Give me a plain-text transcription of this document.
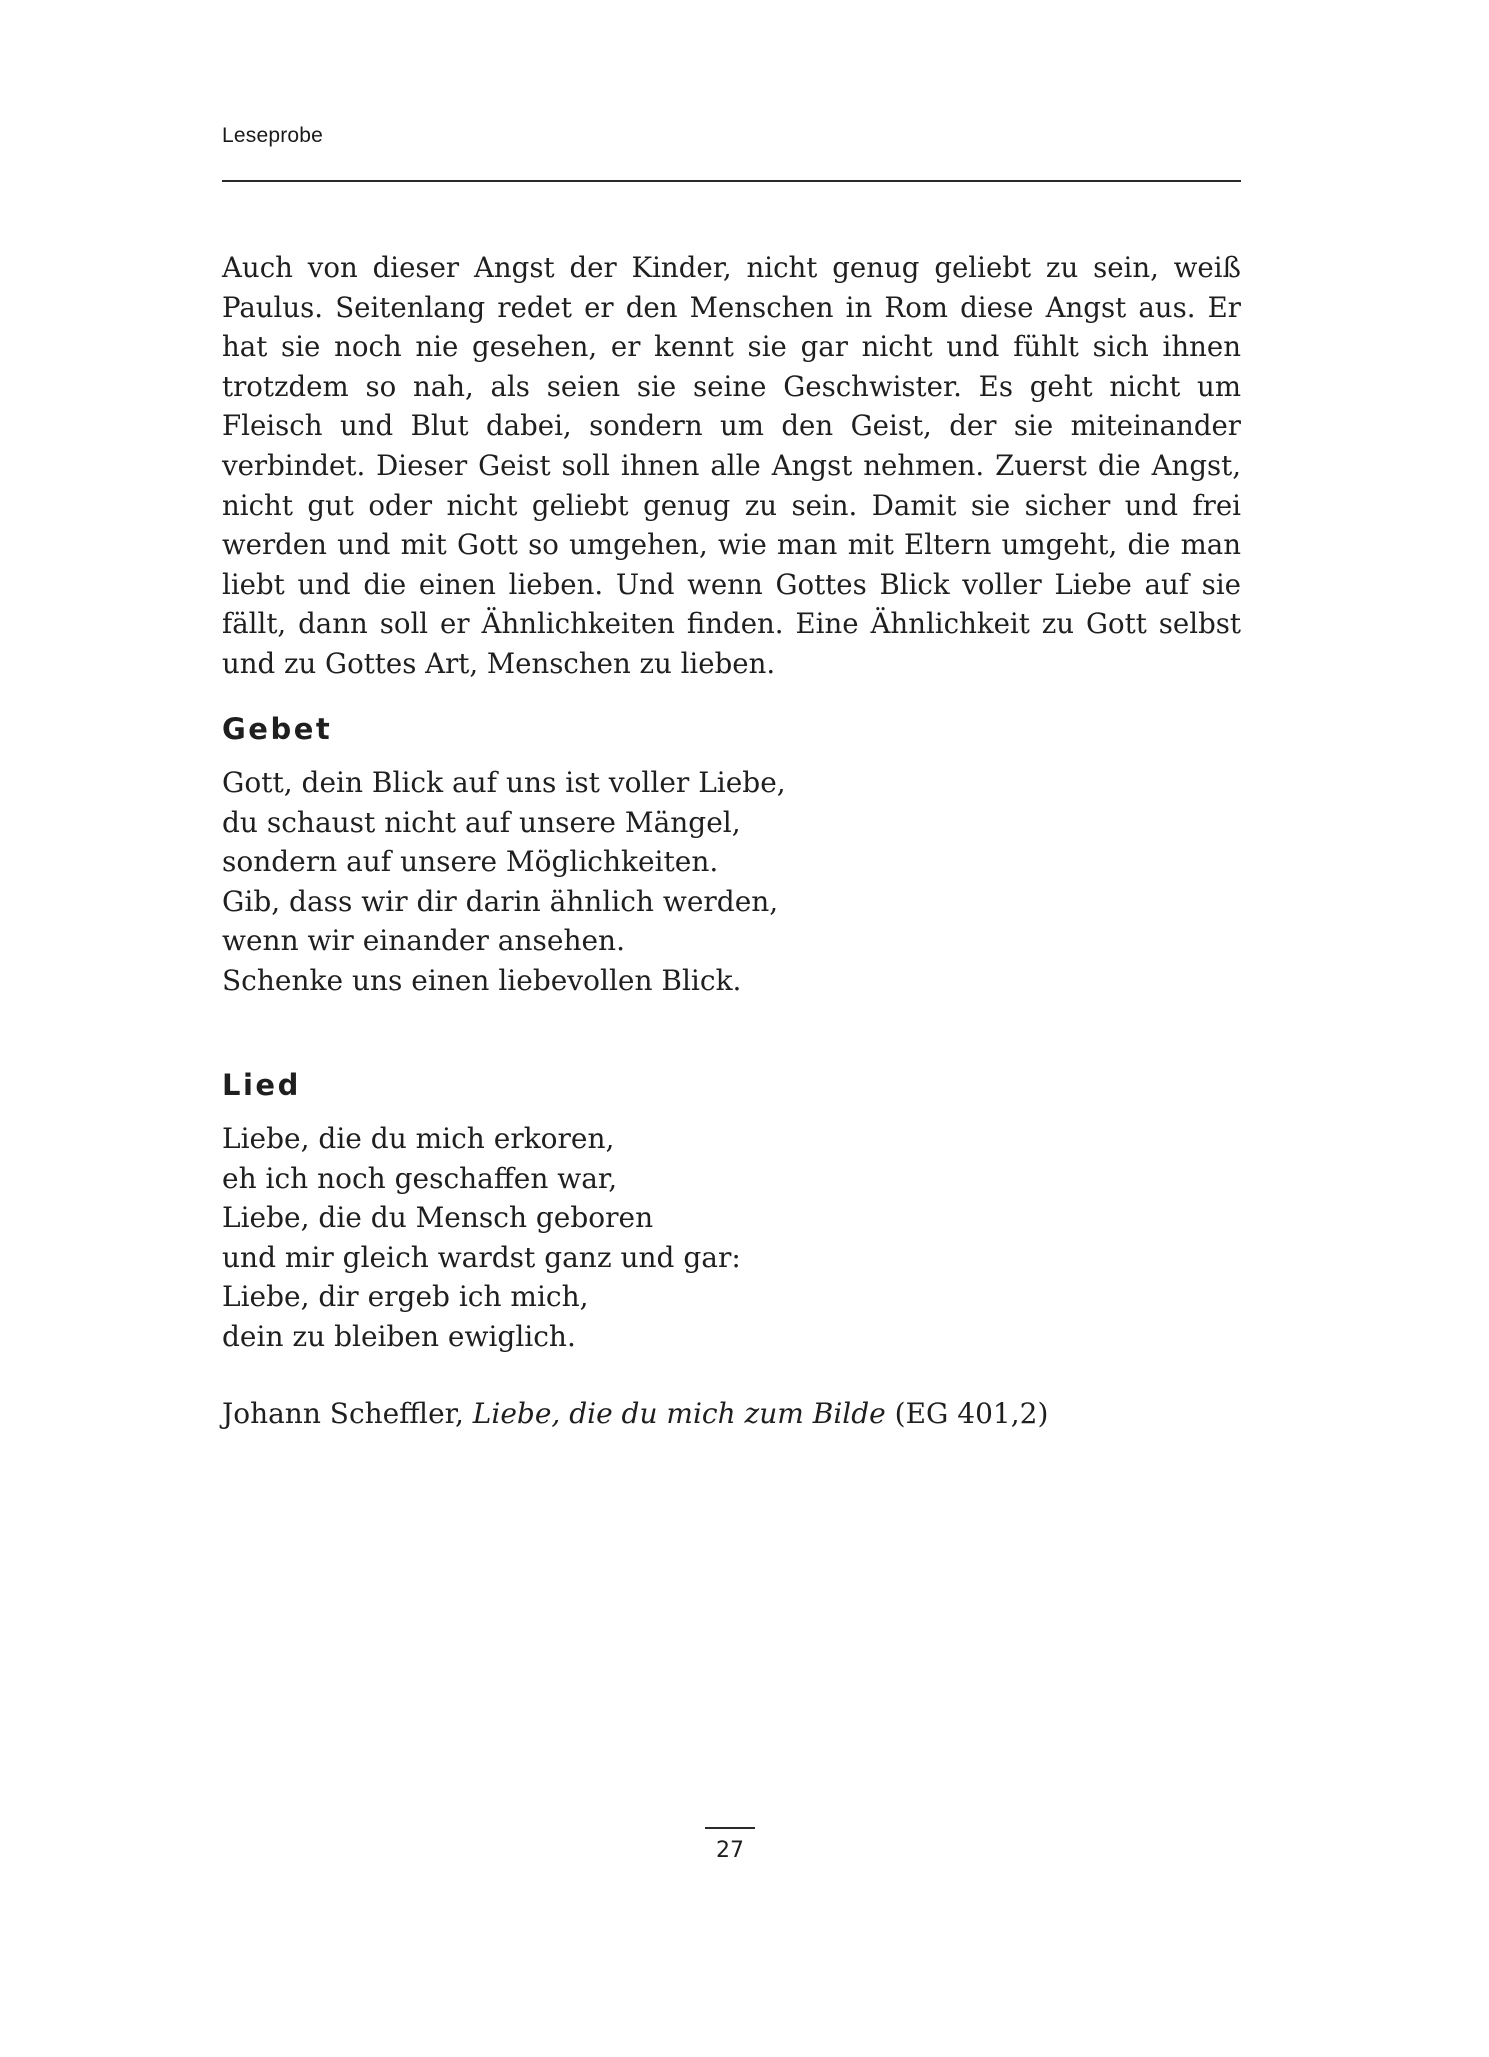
Leseprobe
Auch von dieser Angst der Kinder, nicht genug geliebt zu sein, weiß Paulus. Seitenlang redet er den Menschen in Rom diese Angst aus. Er hat sie noch nie gesehen, er kennt sie gar nicht und fühlt sich ihnen trotzdem so nah, als seien sie seine Geschwister. Es geht nicht um Fleisch und Blut dabei, sondern um den Geist, der sie miteinander verbindet. Dieser Geist soll ihnen alle Angst nehmen. Zuerst die Angst, nicht gut oder nicht geliebt genug zu sein. Damit sie sicher und frei werden und mit Gott so umgehen, wie man mit Eltern umgeht, die man liebt und die einen lieben. Und wenn Gottes Blick voller Liebe auf sie fällt, dann soll er Ähnlichkeiten finden. Eine Ähnlichkeit zu Gott selbst und zu Gottes Art, Menschen zu lieben.
Gebet
Gott, dein Blick auf uns ist voller Liebe,
du schaust nicht auf unsere Mängel,
sondern auf unsere Möglichkeiten.
Gib, dass wir dir darin ähnlich werden,
wenn wir einander ansehen.
Schenke uns einen liebevollen Blick.
Lied
Liebe, die du mich erkoren,
eh ich noch geschaffen war,
Liebe, die du Mensch geboren
und mir gleich wardst ganz und gar:
Liebe, dir ergeb ich mich,
dein zu bleiben ewiglich.
Johann Scheffler, Liebe, die du mich zum Bilde (EG 401,2)
27
